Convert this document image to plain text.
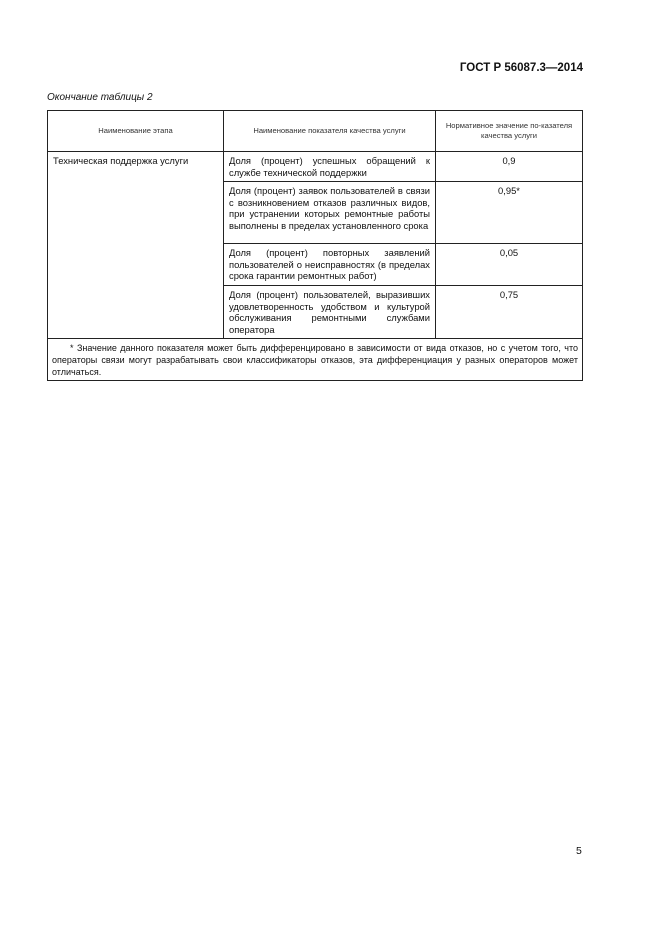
ГОСТ Р 56087.3—2014
Окончание таблицы 2
Наименование этапа	Наименование показателя качества услуги	Нормативное значение по-казателя качества услуги
Техническая поддержка услуги	Доля (процент) успешных обращений к службе технической поддержки	0,9
	Доля (процент) заявок пользователей в связи с возникновением отказов различных видов, при устранении которых ремонтные работы выполнены в пределах установленного срока	0,95*
	Доля (процент) повторных заявлений пользователей о неисправностях (в пределах срока гарантии ремонтных работ)	0,05
	Доля (процент) пользователей, выразивших удовлетворенность удобством и культурой обслуживания ремонтными службами оператора	0,75

* Значение данного показателя может быть дифференцировано в зависимости от вида отказов, но с учетом того, что операторы связи могут разрабатывать свои классификаторы отказов, эта дифференциация у разных операторов может отличаться.		

5
